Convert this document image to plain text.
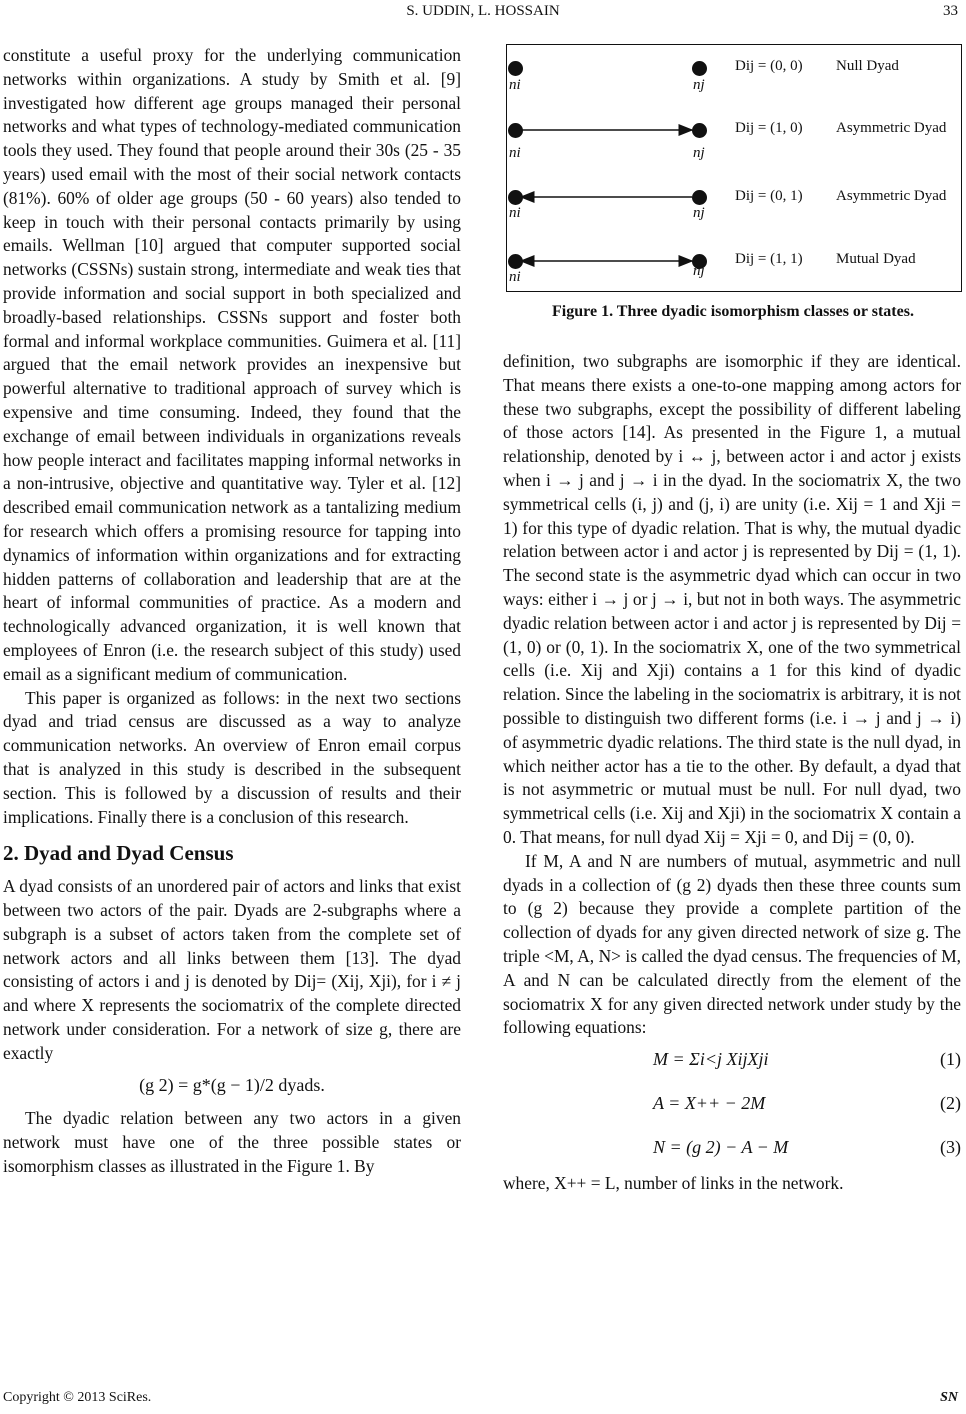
S. UDDIN, L. HOSSAIN	33

constitute a useful proxy for the underlying communication networks within organizations. A study by Smith et al. [9] investigated how different age groups managed their personal networks and what types of technology-mediated communication tools they used. They found that people around their 30s (25 - 35 years) used email with the most of their social network contacts (81%). 60% of older age groups (50 - 60 years) also tended to keep in touch with their personal contacts primarily by using emails. Wellman [10] argued that computer supported social networks (CSSNs) sustain strong, intermediate and weak ties that provide information and social support in both specialized and broadly-based relationships. CSSNs support and foster both formal and informal workplace communities. Guimera et al. [11] argued that the email network provides an inexpensive but powerful alternative to traditional approach of survey which is expensive and time consuming. Indeed, they found that the exchange of email between individuals in organizations reveals how people interact and facilitates mapping informal networks in a non-intrusive, objective and quantitative way. Tyler et al. [12] described email communication network as a tantalizing medium for research which offers a promising resource for tapping into dynamics of information within organizations and for extracting hidden patterns of collaboration and leadership that are at the heart of informal communities of practice. As a modern and technologically advanced organization, it is well known that employees of Enron (i.e. the research subject of this study) used email as a significant medium of communication.

This paper is organized as follows: in the next two sections dyad and triad census are discussed as a way to analyze communication networks. An overview of Enron email corpus that is analyzed in this study is described in the subsequent section. This is followed by a discussion of results and their implications. Finally there is a conclusion of this research.

2. Dyad and Dyad Census

A dyad consists of an unordered pair of actors and links that exist between two actors of the pair. Dyads are 2-subgraphs where a subgraph is a subset of actors taken from the complete set of network actors and all links between them [13]. The dyad consisting of actors i and j is denoted by Dij= (Xij, Xji), for i ≠ j and where X represents the sociomatrix of the complete directed network under consideration. For a network of size g, there are exactly

(g 2) = g*(g − 1)/2 dyads.

The dyadic relation between any two actors in a given network must have one of the three possible states or isomorphism classes as illustrated in the Figure 1. By

ni	nj
ni	nj
ni	nj
ni	nj
Dij = (0, 0) Null Dyad
Dij = (1, 0) Asymmetric Dyad
Dij = (0, 1) Asymmetric Dyad
Dij = (1, 1) Mutual Dyad
Figure 1. Three dyadic isomorphism classes or states.

definition, two subgraphs are isomorphic if they are identical. That means there exists a one-to-one mapping among actors for these two subgraphs, except the possibility of different labeling of those actors [14]. As presented in the Figure 1, a mutual relationship, denoted by i ↔ j, between actor i and actor j exists when i → j and j → i in the dyad. In the sociomatrix X, the two symmetrical cells (i, j) and (j, i) are unity (i.e. Xij = 1 and Xji = 1) for this type of dyadic relation. That is why, the mutual dyadic relation between actor i and actor j is represented by Dij = (1, 1). The second state is the asymmetric dyad which can occur in two ways: either i → j or j → i, but not in both ways. The asymmetric dyadic relation between actor i and actor j is represented by Dij = (1, 0) or (0, 1). In the sociomatrix X, one of the two symmetrical cells (i.e. Xij and Xji) contains a 1 for this kind of dyadic relation. Since the labeling in the sociomatrix is arbitrary, it is not possible to distinguish two different forms (i.e. i → j and j → i) of asymmetric dyadic relations. The third state is the null dyad, in which neither actor has a tie to the other. By default, a dyad that is not asymmetric or mutual must be null. For null dyad, two symmetrical cells (i.e. Xij and Xji) in the sociomatrix X contain a 0. That means, for null dyad Xij = Xji = 0, and Dij = (0, 0).

If M, A and N are numbers of mutual, asymmetric and null dyads in a collection of (g 2) dyads then these three counts sum to (g 2) because they provide a complete partition of the collection of dyads for any given directed network of size g. The triple <M, A, N> is called the dyad census. The frequencies of M, A and N can be calculated directly from the element of the sociomatrix X for any given directed network under study by the following equations:

M = Σi<j XijXji	(1)
A = X++ − 2M	(2)
N = (g 2) − A − M	(3)

where, X++ = L, number of links in the network.

Copyright © 2013 SciRes.	SN
